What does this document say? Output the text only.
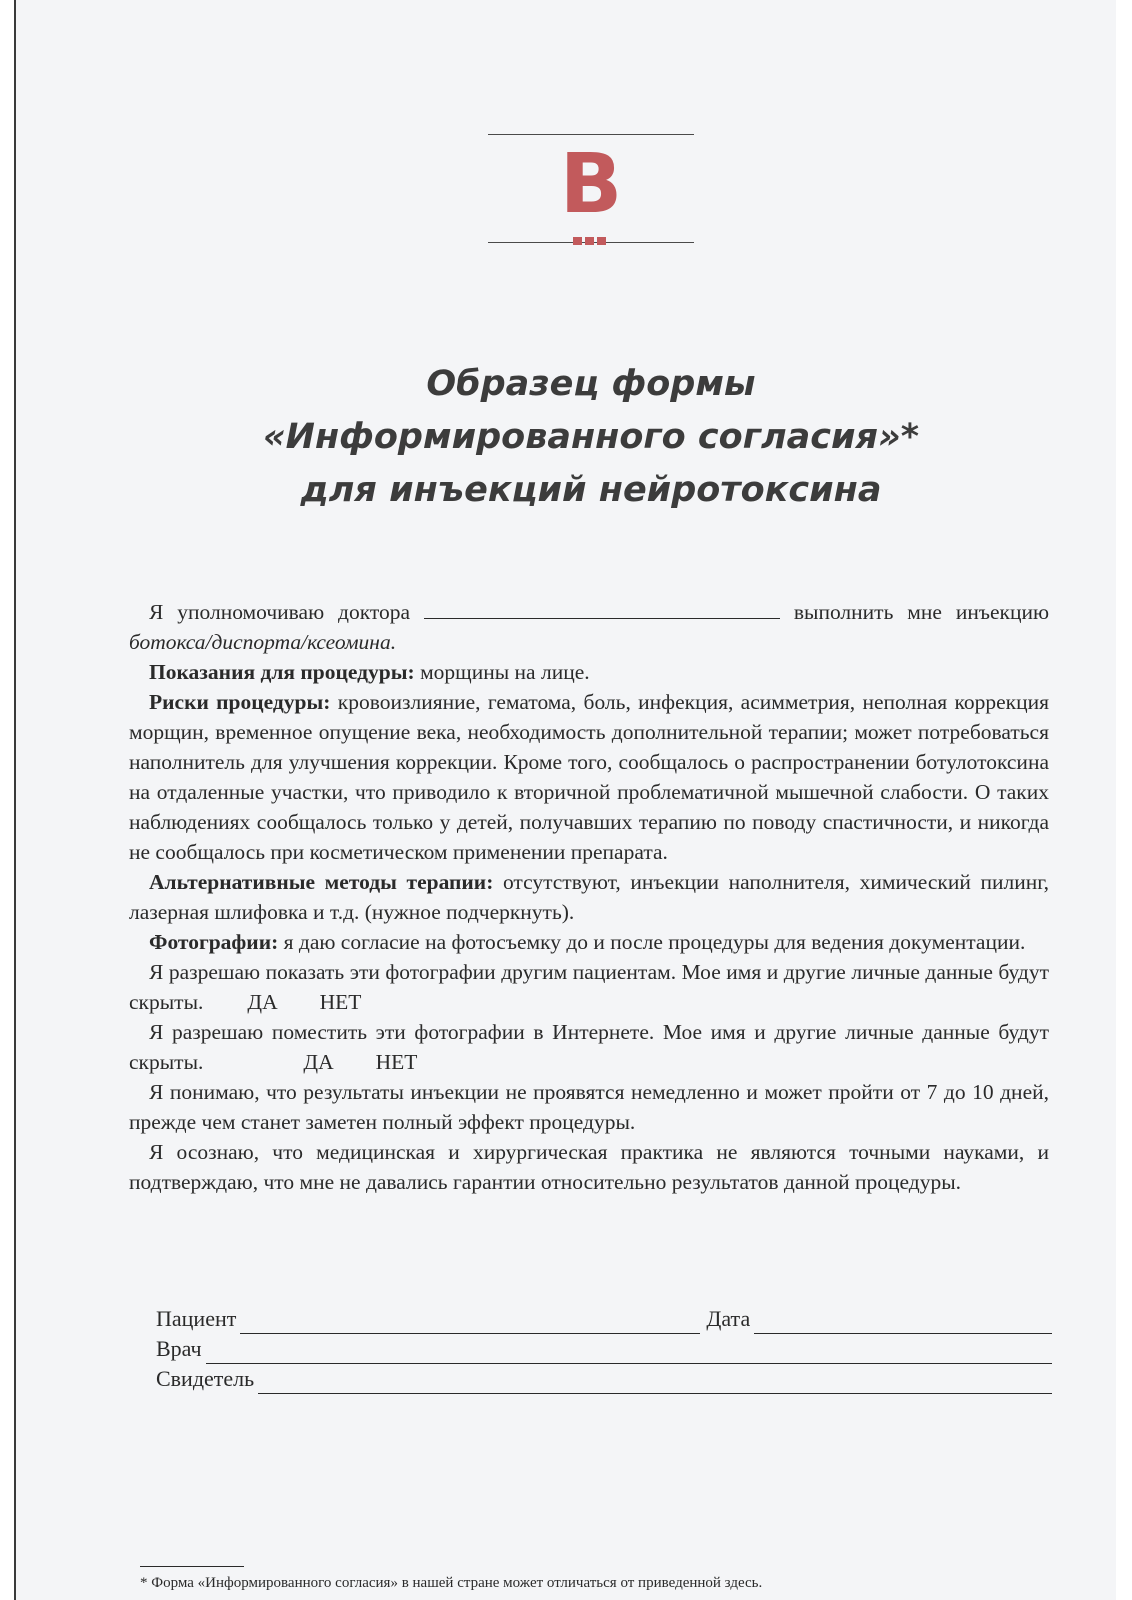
B
Образец формы
«Информированного согласия»*
для инъекций нейротоксина

Я уполномочиваю доктора	выполнить мне инъекцию ботокса/диспорта/ксеомина.

Показания для процедуры: морщины на лице.

Риски процедуры: кровоизлияние, гематома, боль, инфекция, асимметрия, неполная коррекция морщин, временное опущение века, необходимость дополнительной терапии; может потребоваться наполнитель для улучшения коррекции. Кроме того, сообщалось о распространении ботулотоксина на отдаленные участки, что приводило к вторичной проблематичной мышечной слабости. О таких наблюдениях сообщалось только у детей, получавших терапию по поводу спастичности, и никогда не сообщалось при косметическом применении препарата.

Альтернативные методы терапии: отсутствуют, инъекции наполнителя, химический пилинг, лазерная шлифовка и т.д. (нужное подчеркнуть).

Фотографии: я даю согласие на фотосъемку до и после процедуры для ведения документации.

Я разрешаю показать эти фотографии другим пациентам. Мое имя и другие личные данные будут скрыты. ДА НЕТ

Я разрешаю поместить эти фотографии в Интернете. Мое имя и другие личные данные будут скрыты.	ДА НЕТ

Я понимаю, что результаты инъекции не проявятся немедленно и может пройти от 7 до 10 дней, прежде чем станет заметен полный эффект процедуры.

Я осознаю, что медицинская и хирургическая практика не являются точными науками, и подтверждаю, что мне не давались гарантии относительно результатов данной процедуры.

Пациент	Дата
Врач
Свидетель
* Форма «Информированного согласия» в нашей стране может отличаться от приведенной здесь.
